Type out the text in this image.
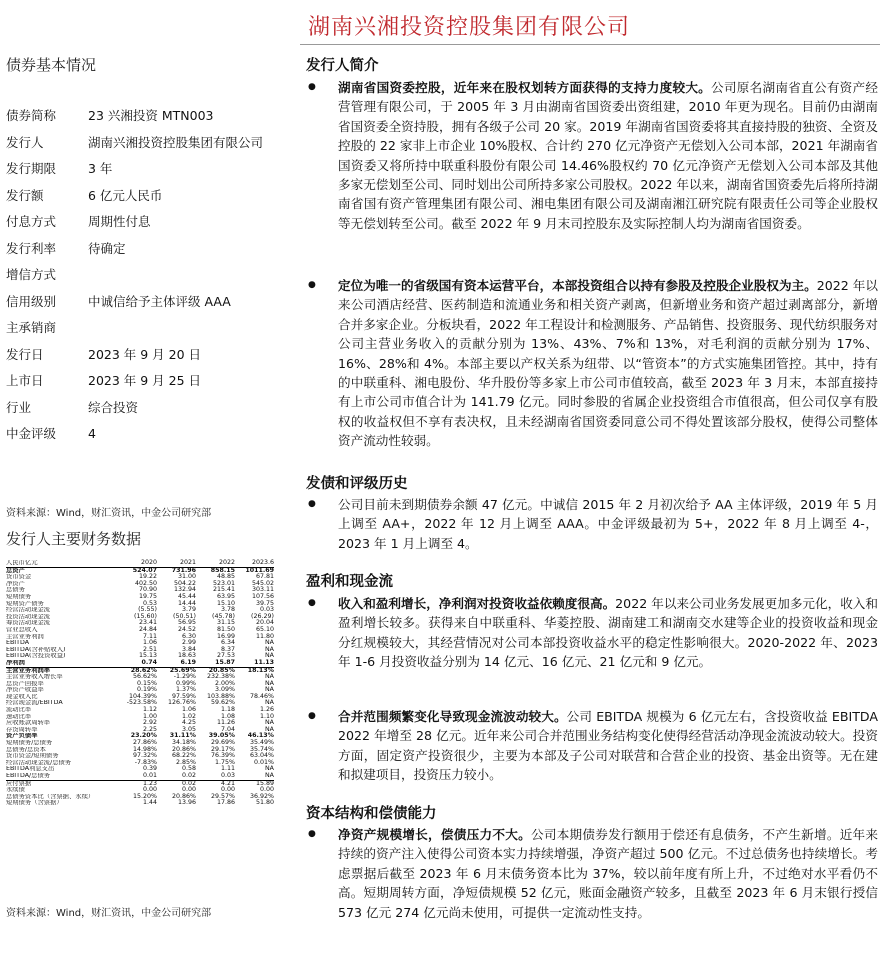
债券基本情况
债券简称	23 兴湘投资 MTN003
发行人	湖南兴湘投资控股集团有限公司
发行期限	3 年
发行额	6 亿元人民币
付息方式	周期性付息
发行利率	待确定
增信方式
信用级别	中诚信给予主体评级 AAA
主承销商
发行日	2023 年 9 月 20 日
上市日	2023 年 9 月 25 日
行业	综合投资
中金评级	4
资料来源：Wind，财汇资讯，中金公司研究部
发行人主要财务数据
人民币亿元	2020	2021	2022	2023.6
总资产	524.07	731.96	858.15	1011.69
货币资金	19.22	31.00	48.85	67.81
净资产	402.50	504.22	523.01	545.02
总债务	70.90	132.94	215.41	303.11
短期债务	19.75	45.44	63.95	107.56
短期资产债务	0.53	14.44	15.10	39.75
经营活动现金流	(5.55)	3.79	3.78	0.03
投资活动现金流	(15.60)	(50.51)	(45.78)	(26.29)
筹资活动现金流	23.41	56.95	31.15	20.04
营业总收入	24.84	24.52	81.50	65.10
主营业务利润	7.11	6.30	16.99	11.80
EBITDA	1.06	2.99	6.34	NA
EBITDA(含补贴收入)	2.51	3.84	8.37	NA
EBITDA(含投资收益)	15.13	18.63	27.53	NA
净利润	0.74	6.19	15.87	11.13
主营业务利润率	28.62%	25.69%	20.85%	18.13%
主营业务收入增长率	56.62%	-1.29%	232.38%	NA
总资产回报率	0.15%	0.99%	2.00%	NA
净资产收益率	0.19%	1.37%	3.09%	NA
现金收入比	104.39%	97.59%	103.88%	78.46%
经营现金流/EBITDA	-523.58%	126.76%	59.62%	NA
流动比率	1.12	1.06	1.18	1.26
速动比率	1.00	1.02	1.08	1.10
应收账款周转率	2.92	4.25	11.26	NA
存货周转率	2.25	3.05	7.04	NA
资产负债率	23.20%	31.11%	39.05%	46.13%
短期债务/总债务	27.86%	34.18%	29.69%	35.49%
总债务/总资本	14.98%	20.86%	29.17%	35.74%
货币资金/短期债务	97.32%	68.22%	76.39%	63.04%
经营活动现金流/总债务	-7.83%	2.85%	1.75%	0.01%
EBITDA利息支出	0.39	0.58	1.11	NA
EBITDA/总债务	0.01	0.02	0.03	NA
应付票据	1.23	0.02	4.21	15.89
永续债	0.00	0.00	0.00	0.00
总债务资本比（含票据、永续）	15.20%	20.86%	29.57%	36.92%
短期债务（含票据）	1.44	13.96	17.86	51.80
资料来源：Wind，财汇资讯，中金公司研究部
湖南兴湘投资控股集团有限公司
发行人简介
● 湖南省国资委控股，近年来在股权划转方面获得的支持力度较大。公司原名湖南省直公有资产经营管理有限公司，于 2005 年 3 月由湖南省国资委出资组建，2010 年更为现名。目前仍由湖南省国资委全资持股，拥有各级子公司 20 家。2019 年湖南省国资委将其直接持股的独资、全资及控股的 22 家非上市企业 10%股权、合计约 270 亿元净资产无偿划入公司本部，2021 年湖南省国资委又将所持中联重科股份有限公司 14.46%股权约 70 亿元净资产无偿划入公司本部及其他多家无偿划至公司、同时划出公司所持多家公司股权。2022 年以来，湖南省国资委先后将所持湖南省国有资产管理集团有限公司、湘电集团有限公司及湖南湘江研究院有限责任公司等企业股权等无偿划转至公司。截至 2022 年 9 月末司控股东及实际控制人均为湖南省国资委。
● 定位为唯一的省级国有资本运营平台，本部投资组合以持有参股及控股企业股权为主。2022 年以来公司酒店经营、医药制造和流通业务和相关资产剥离，但新增业务和资产超过剥离部分，新增合并多家企业。分板块看，2022 年工程设计和检测服务、产品销售、投资服务、现代纺织服务对公司主营业务收入的贡献分别为 13%、43%、7%和 13%，对毛利润的贡献分别为 17%、16%、28%和 4%。本部主要以产权关系为纽带、以“管资本”的方式实施集团管控。其中，持有的中联重科、湘电股份、华升股份等多家上市公司市值较高，截至 2023 年 3 月末，本部直接持有上市公司市值合计为 141.79 亿元。同时参股的省属企业投资组合市值很高，但公司仅享有股权的收益权但不享有表决权，且未经湖南省国资委同意公司不得处置该部分股权，使得公司整体资产流动性较弱。
发债和评级历史
● 公司目前未到期债券余额 47 亿元。中诚信 2015 年 2 月初次给予 AA 主体评级，2019 年 5 月上调至 AA+，2022 年 12 月上调至 AAA。中金评级最初为 5+，2022 年 8 月上调至 4-，2023 年 1 月上调至 4。
盈利和现金流
● 收入和盈利增长，净利润对投资收益依赖度很高。2022 年以来公司业务发展更加多元化，收入和盈利增长较多。获得来自中联重科、华菱控股、湖南建工和湖南交水建等企业的投资收益和现金分红规模较大，其经营情况对公司本部投资收益水平的稳定性影响很大。2020-2022 年、2023 年 1-6 月投资收益分别为 14 亿元、16 亿元、21 亿元和 9 亿元。
● 合并范围频繁变化导致现金流波动较大。公司 EBITDA 规模为 6 亿元左右，含投资收益 EBITDA 2022 年增至 28 亿元。近年来公司合并范围业务结构变化使得经营活动净现金流波动较大。投资方面，固定资产投资很少，主要为本部及子公司对联营和合营企业的投资、基金出资等。无在建和拟建项目，投资压力较小。
资本结构和偿债能力
● 净资产规模增长，偿债压力不大。公司本期债券发行额用于偿还有息债务，不产生新增。近年来持续的资产注入使得公司资本实力持续增强，净资产超过 500 亿元。不过总债务也持续增长。考虑票据后截至 2023 年 6 月末债务资本比为 37%，较以前年度有所上升，不过绝对水平看仍不高。短期周转方面，净短债规模 52 亿元，账面金融资产较多，且截至 2023 年 6 月末银行授信 573 亿元 274 亿元尚未使用，可提供一定流动性支持。
